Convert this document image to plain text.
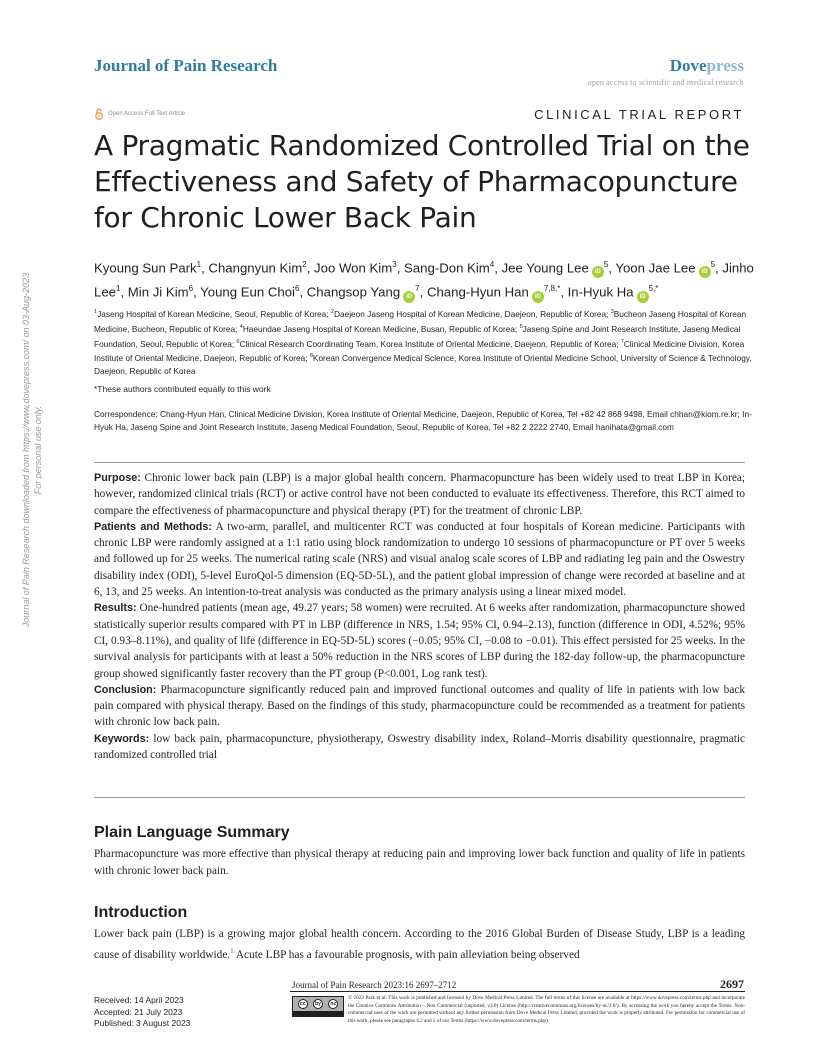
Journal of Pain Research	Dovepress
open access to scientific and medical research
Open Access Full Text Article	CLINICAL TRIAL REPORT
A Pragmatic Randomized Controlled Trial on the Effectiveness and Safety of Pharmacopuncture for Chronic Lower Back Pain
Kyoung Sun Park$^1$, Changnyun Kim$^2$, Joo Won Kim$^3$, Sang-Don Kim$^4$, Jee Young Lee $iD^5$, Yoon Jae Lee $iD^5$, Jinho Lee$^1$, Min Ji Kim$^6$, Young Eun Choi$^6$, Changsop Yang $iD^7$, Chang-Hyun Han $iD^{7,8,*}$, In-Hyuk Ha $iD^{5,*}$
$^1$Jaseng Hospital of Korean Medicine, Seoul, Republic of Korea; $^2$Daejeon Jaseng Hospital of Korean Medicine, Daejeon, Republic of Korea; $^3$Bucheon Jaseng Hospital of Korean Medicine, Bucheon, Republic of Korea; $^4$Haeundae Jaseng Hospital of Korean Medicine, Busan, Republic of Korea; $^5$Jaseng Spine and Joint Research Institute, Jaseng Medical Foundation, Seoul, Republic of Korea; $^6$Clinical Research Coordinating Team, Korea Institute of Oriental Medicine, Daejeon, Republic of Korea; $^7$Clinical Medicine Division, Korea Institute of Oriental Medicine, Daejeon, Republic of Korea; $^8$Korean Convergence Medical Science, Korea Institute of Oriental Medicine School, University of Science & Technology, Daejeon, Republic of Korea
*These authors contributed equally to this work
Correspondence: Chang-Hyun Han, Clinical Medicine Division, Korea Institute of Oriental Medicine, Daejeon, Republic of Korea, Tel +82 42 868 9498, Email chhan@kiom.re.kr; In-Hyuk Ha, Jaseng Spine and Joint Research Institute, Jaseng Medical Foundation, Seoul, Republic of Korea, Tel +82 2 2222 2740, Email hanihata@gmail.com

Purpose: Chronic lower back pain (LBP) is a major global health concern. Pharmacopuncture has been widely used to treat LBP in Korea; however, randomized clinical trials (RCT) or active control have not been conducted to evaluate its effectiveness. Therefore, this RCT aimed to compare the effectiveness of pharmacopuncture and physical therapy (PT) for the treatment of chronic LBP.

Patients and Methods: A two-arm, parallel, and multicenter RCT was conducted at four hospitals of Korean medicine. Participants with chronic LBP were randomly assigned at a 1:1 ratio using block randomization to undergo 10 sessions of pharmacopuncture or PT over 5 weeks and followed up for 25 weeks. The numerical rating scale (NRS) and visual analog scale scores of LBP and radiating leg pain and the Oswestry disability index (ODI), 5-level EuroQol-5 dimension (EQ-5D-5L), and the patient global impression of change were recorded at baseline and at 6, 13, and 25 weeks. An intention-to-treat analysis was conducted as the primary analysis using a linear mixed model.

Results: One-hundred patients (mean age, 49.27 years; 58 women) were recruited. At 6 weeks after randomization, pharmacopuncture showed statistically superior results compared with PT in LBP (difference in NRS, 1.54; 95% CI, 0.94–2.13), function (difference in ODI, 4.52%; 95% CI, 0.93–8.11%), and quality of life (difference in EQ-5D-5L) scores (−0.05; 95% CI, −0.08 to −0.01). This effect persisted for 25 weeks. In the survival analysis for participants with at least a 50% reduction in the NRS scores of LBP during the 182-day follow-up, the pharmacopuncture group showed significantly faster recovery than the PT group (P<0.001, Log rank test).

Conclusion: Pharmacopuncture significantly reduced pain and improved functional outcomes and quality of life in patients with low back pain compared with physical therapy. Based on the findings of this study, pharmacopuncture could be recommended as a treatment for patients with chronic low back pain.

Keywords: low back pain, pharmacopuncture, physiotherapy, Oswestry disability index, Roland–Morris disability questionnaire, pragmatic randomized controlled trial

Plain Language Summary

Pharmacopuncture was more effective than physical therapy at reducing pain and improving lower back function and quality of life in patients with chronic lower back pain.

Introduction

Lower back pain (LBP) is a growing major global health concern. According to the 2016 Global Burden of Disease Study, LBP is a leading cause of disability worldwide.$^1$ Acute LBP has a favourable prognosis, with pain alleviation being observed

Journal of Pain Research downloaded from https://www.dovepress.com/ on 03-Aug-2023 For personal use only.
Journal of Pain Research 2023:16 2697–2712	2697
Received: 14 April 2023
Accepted: 21 July 2023
Published: 3 August 2023
cc	by	nc
© 2023 Park et al. This work is published and licensed by Dove Medical Press Limited. The full terms of this license are available at https://www.dovepress.com/terms.php and incorporate the Creative Commons Attribution – Non Commercial (unported, v3.0) License (http://creativecommons.org/licenses/by-nc/3.0/). By accessing the work you hereby accept the Terms. Non-commercial uses of the work are permitted without any further permission from Dove Medical Press Limited, provided the work is properly attributed. For permission for commercial use of this work, please see paragraphs 4.2 and 5 of our Terms (https://www.dovepress.com/terms.php).
